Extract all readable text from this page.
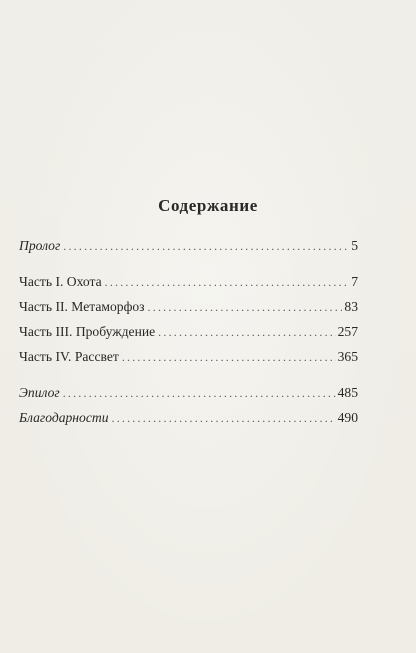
Содержание
Пролог .....	5
Часть I. Охота .....	7
Часть II. Метаморфоз .....	83
Часть III. Пробуждение .....	257
Часть IV. Рассвет .....	365
Эпилог .....	485
Благодарности .....	490
